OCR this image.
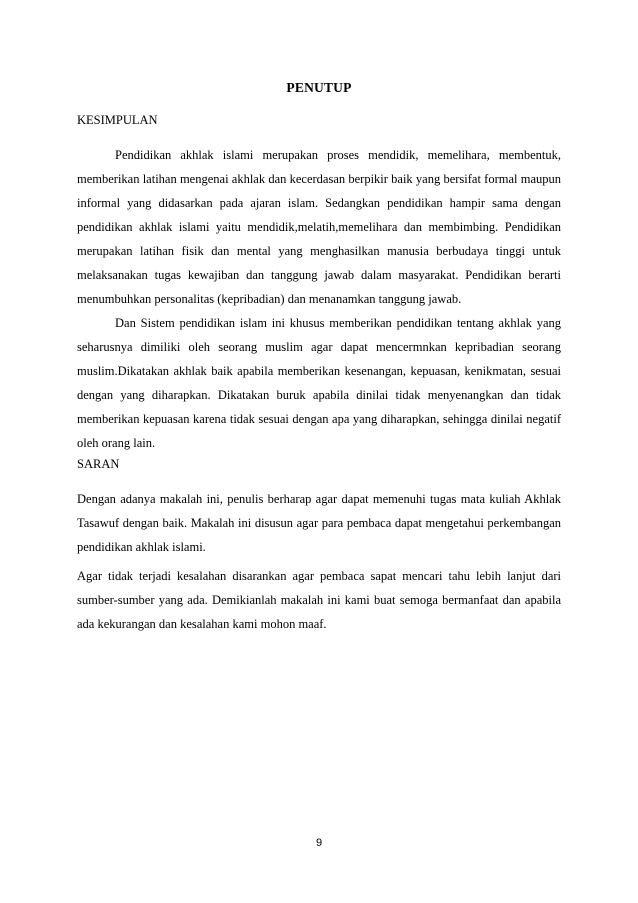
PENUTUP
KESIMPULAN

Pendidikan akhlak islami merupakan proses mendidik, memelihara, membentuk, memberikan latihan mengenai akhlak dan kecerdasan berpikir baik yang bersifat formal maupun informal yang didasarkan pada ajaran islam. Sedangkan pendidikan hampir sama dengan pendidikan akhlak islami yaitu mendidik,melatih,memelihara dan membimbing. Pendidikan merupakan latihan fisik dan mental yang menghasilkan manusia berbudaya tinggi untuk melaksanakan tugas kewajiban dan tanggung jawab dalam masyarakat. Pendidikan berarti menumbuhkan personalitas (kepribadian) dan menanamkan tanggung jawab.

Dan Sistem pendidikan islam ini khusus memberikan pendidikan tentang akhlak yang seharusnya dimiliki oleh seorang muslim agar dapat mencermnkan kepribadian seorang muslim.Dikatakan akhlak baik apabila memberikan kesenangan, kepuasan, kenikmatan, sesuai dengan yang diharapkan. Dikatakan buruk apabila dinilai tidak menyenangkan dan tidak memberikan kepuasan karena tidak sesuai dengan apa yang diharapkan, sehingga dinilai negatif oleh orang lain.

SARAN

Dengan adanya makalah ini, penulis berharap agar dapat memenuhi tugas mata kuliah Akhlak Tasawuf dengan baik. Makalah ini disusun agar para pembaca dapat mengetahui perkembangan pendidikan akhlak islami.

Agar tidak terjadi kesalahan disarankan agar pembaca sapat mencari tahu lebih lanjut dari sumber-sumber yang ada. Demikianlah makalah ini kami buat semoga bermanfaat dan apabila ada kekurangan dan kesalahan kami mohon maaf.

9
